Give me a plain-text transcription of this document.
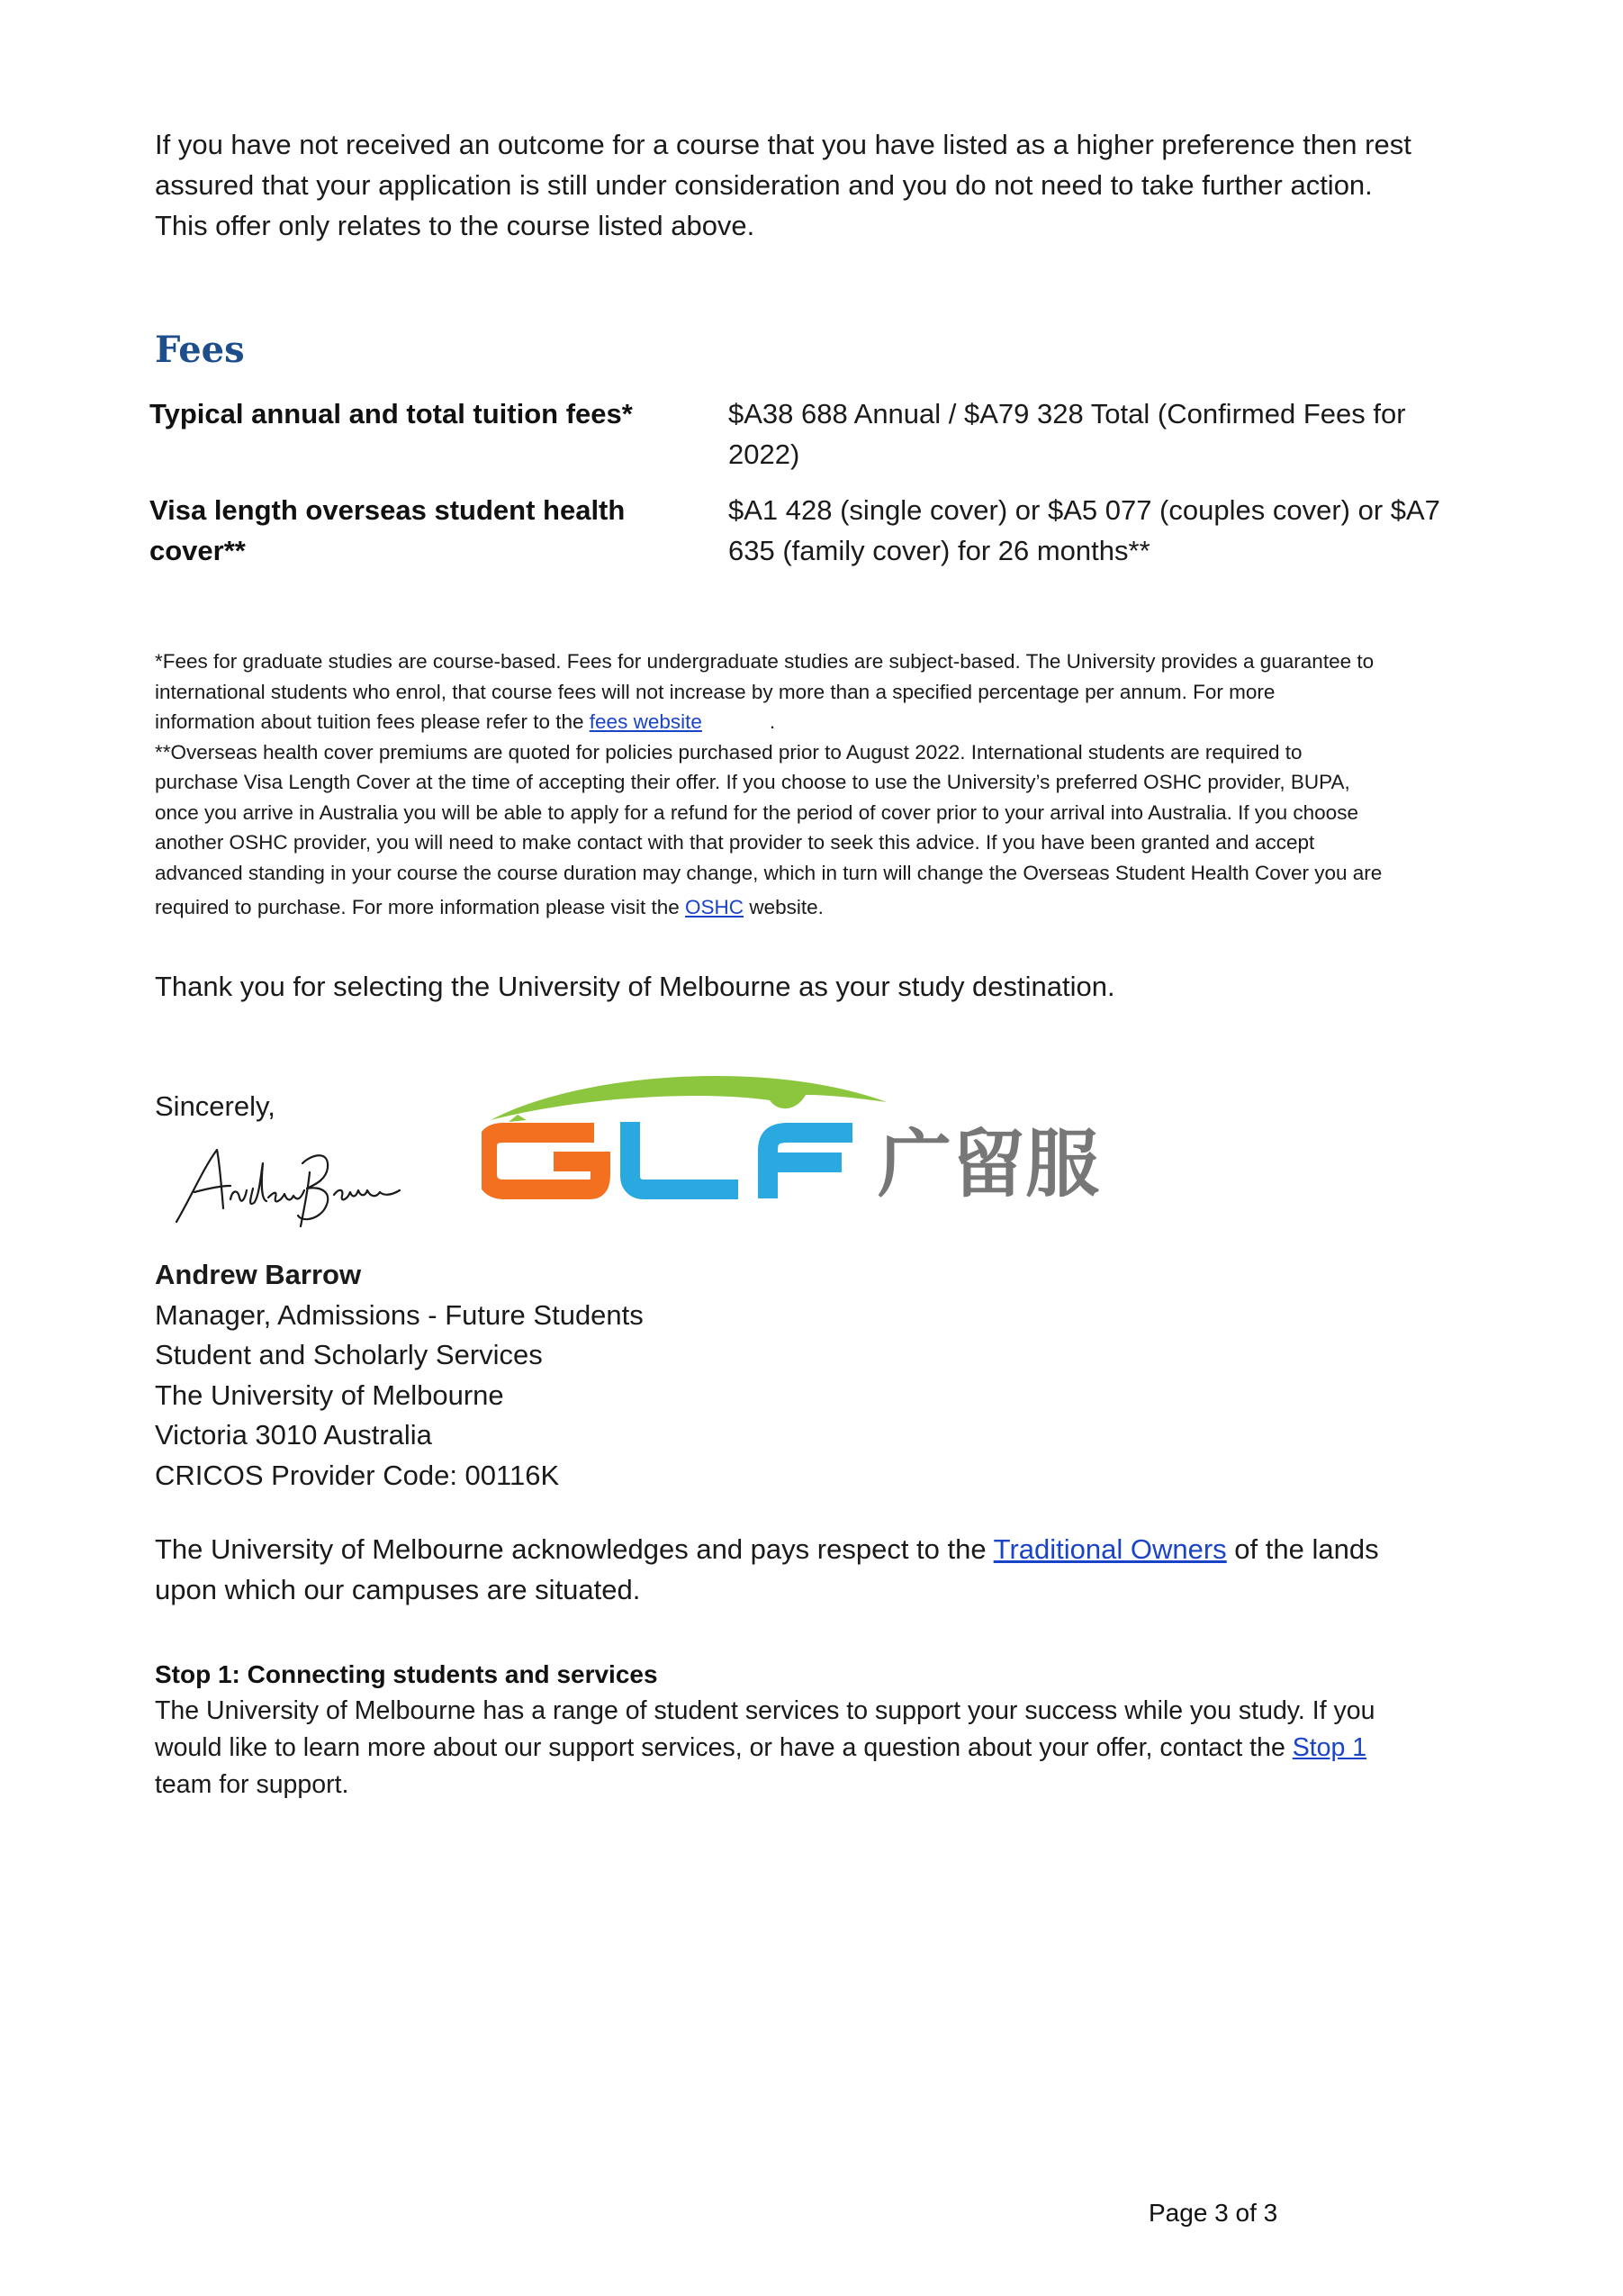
If you have not received an outcome for a course that you have listed as a higher preference then rest
assured that your application is still under consideration and you do not need to take further action.
This offer only relates to the course listed above.
Fees
Typical annual and total tuition fees*	$A38 688 Annual / $A79 328 Total (Confirmed Fees for
2022)
Visa length overseas student health
cover**
$A1 428 (single cover) or $A5 077 (couples cover) or $A7
635 (family cover) for 26 months**

*Fees for graduate studies are course-based. Fees for undergraduate studies are subject-based. The University provides a guarantee to

international students who enrol, that course fees will not increase by more than a specified percentage per annum. For more

information about tuition fees please refer to the fees website	.

**Overseas health cover premiums are quoted for policies purchased prior to August 2022. International students are required to

purchase Visa Length Cover at the time of accepting their offer. If you choose to use the University’s preferred OSHC provider, BUPA,

once you arrive in Australia you will be able to apply for a refund for the period of cover prior to your arrival into Australia. If you choose

another OSHC provider, you will need to make contact with that provider to seek this advice. If you have been granted and accept

advanced standing in your course the course duration may change, which in turn will change the Overseas Student Health Cover you are

required to purchase. For more information please visit the OSHC website.

Thank you for selecting the University of Melbourne as your study destination.
Sincerely,
广留服
Andrew Barrow
Manager, Admissions - Future Students
Student and Scholarly Services
The University of Melbourne
Victoria 3010 Australia
CRICOS Provider Code: 00116K
The University of Melbourne acknowledges and pays respect to the Traditional Owners of the lands
upon which our campuses are situated.
Stop 1: Connecting students and services
The University of Melbourne has a range of student services to support your success while you study. If you
would like to learn more about our support services, or have a question about your offer, contact the Stop 1
team for support.
Page 3 of 3
